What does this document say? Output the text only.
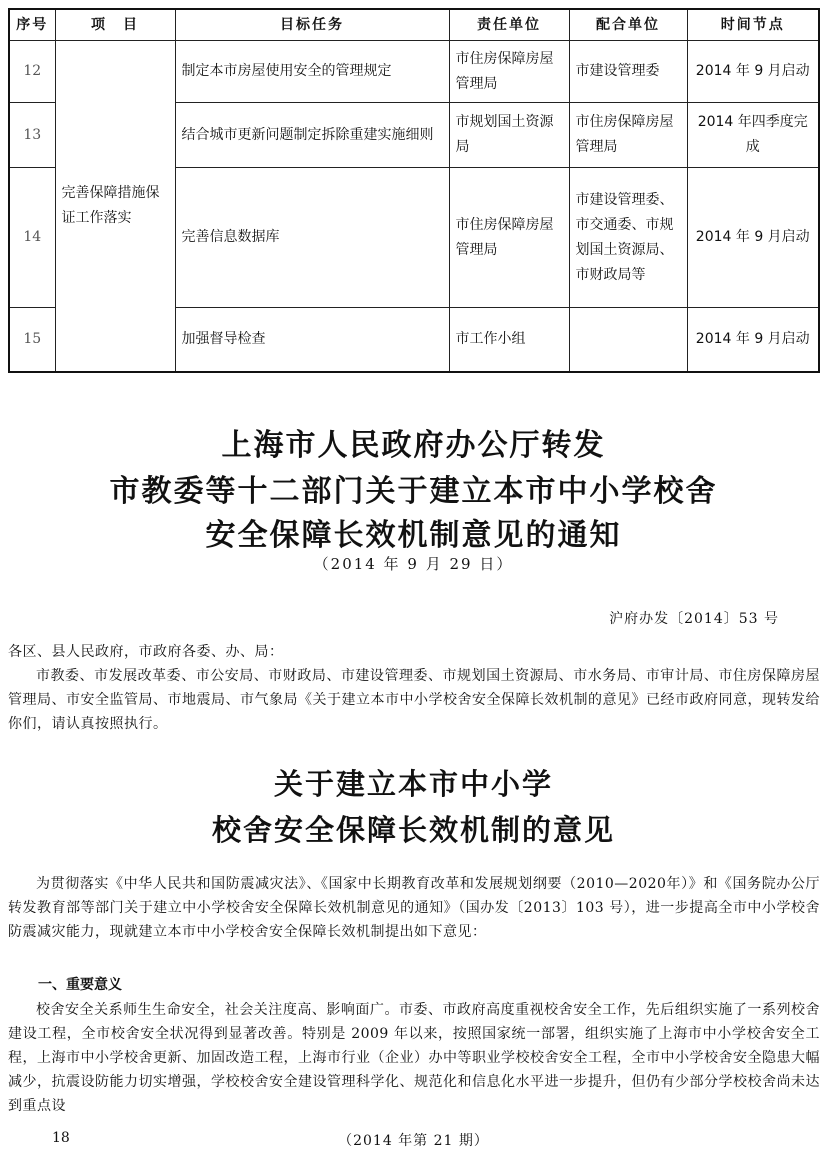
序号	项　目	目标任务	责任单位	配合单位	时间节点
12	完善保障措施保证工作落实	制定本市房屋使用安全的管理规定	市住房保障房屋管理局	市建设管理委	2014 年 9 月启动
13		结合城市更新问题制定拆除重建实施细则	市规划国土资源局	市住房保障房屋管理局	2014 年四季度完成
14		完善信息数据库	市住房保障房屋管理局	市建设管理委、市交通委、市规划国土资源局、市财政局等	2014 年 9 月启动
15		加强督导检查	市工作小组		2014 年 9 月启动
上海市人民政府办公厅转发
市教委等十二部门关于建立本市中小学校舍
安全保障长效机制意见的通知
（2014 年 9 月 29 日）
沪府办发〔2014〕53 号
各区、县人民政府，市政府各委、办、局：
市教委、市发展改革委、市公安局、市财政局、市建设管理委、市规划国土资源局、市水务局、市审计局、市住房保障房屋管理局、市安全监管局、市地震局、市气象局《关于建立本市中小学校舍安全保障长效机制的意见》已经市政府同意，现转发给你们，请认真按照执行。
关于建立本市中小学
校舍安全保障长效机制的意见
为贯彻落实《中华人民共和国防震减灾法》、《国家中长期教育改革和发展规划纲要（2010—2020年）》和《国务院办公厅转发教育部等部门关于建立中小学校舍安全保障长效机制意见的通知》（国办发〔2013〕103 号），进一步提高全市中小学校舍防震减灾能力，现就建立本市中小学校舍安全保障长效机制提出如下意见：
一、重要意义
校舍安全关系师生生命安全，社会关注度高、影响面广。市委、市政府高度重视校舍安全工作，先后组织实施了一系列校舍建设工程，全市校舍安全状况得到显著改善。特别是 2009 年以来，按照国家统一部署，组织实施了上海市中小学校舍安全工程，上海市中小学校舍更新、加固改造工程，上海市行业（企业）办中等职业学校校舍安全工程，全市中小学校舍安全隐患大幅减少，抗震设防能力切实增强，学校校舍安全建设管理科学化、规范化和信息化水平进一步提升，但仍有少部分学校校舍尚未达到重点设
18	（2014 年第 21 期）
